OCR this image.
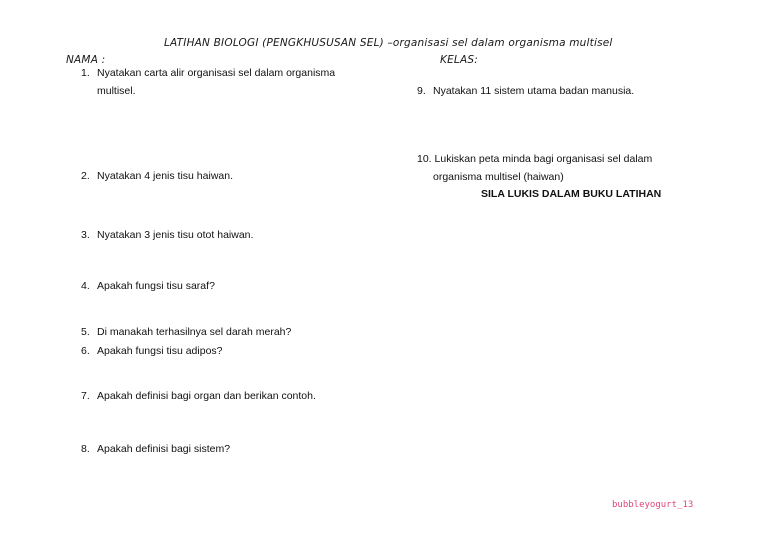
LATIHAN BIOLOGI (PENGKHUSUSAN SEL) –organisasi sel dalam organisma multisel
NAMA :	KELAS:
1. Nyatakan carta alir organisasi sel dalam organisma
multisel.
2. Nyatakan 4 jenis tisu haiwan.
3. Nyatakan 3 jenis tisu otot haiwan.
4. Apakah fungsi tisu saraf?
5. Di manakah terhasilnya sel darah merah?
6. Apakah fungsi tisu adipos?
7. Apakah definisi bagi organ dan berikan contoh.
8. Apakah definisi bagi sistem?
9. Nyatakan 11 sistem utama badan manusia.
10. Lukiskan peta minda bagi organisasi sel dalam
organisma multisel (haiwan)
SILA LUKIS DALAM BUKU LATIHAN
bubbleyogurt_13
